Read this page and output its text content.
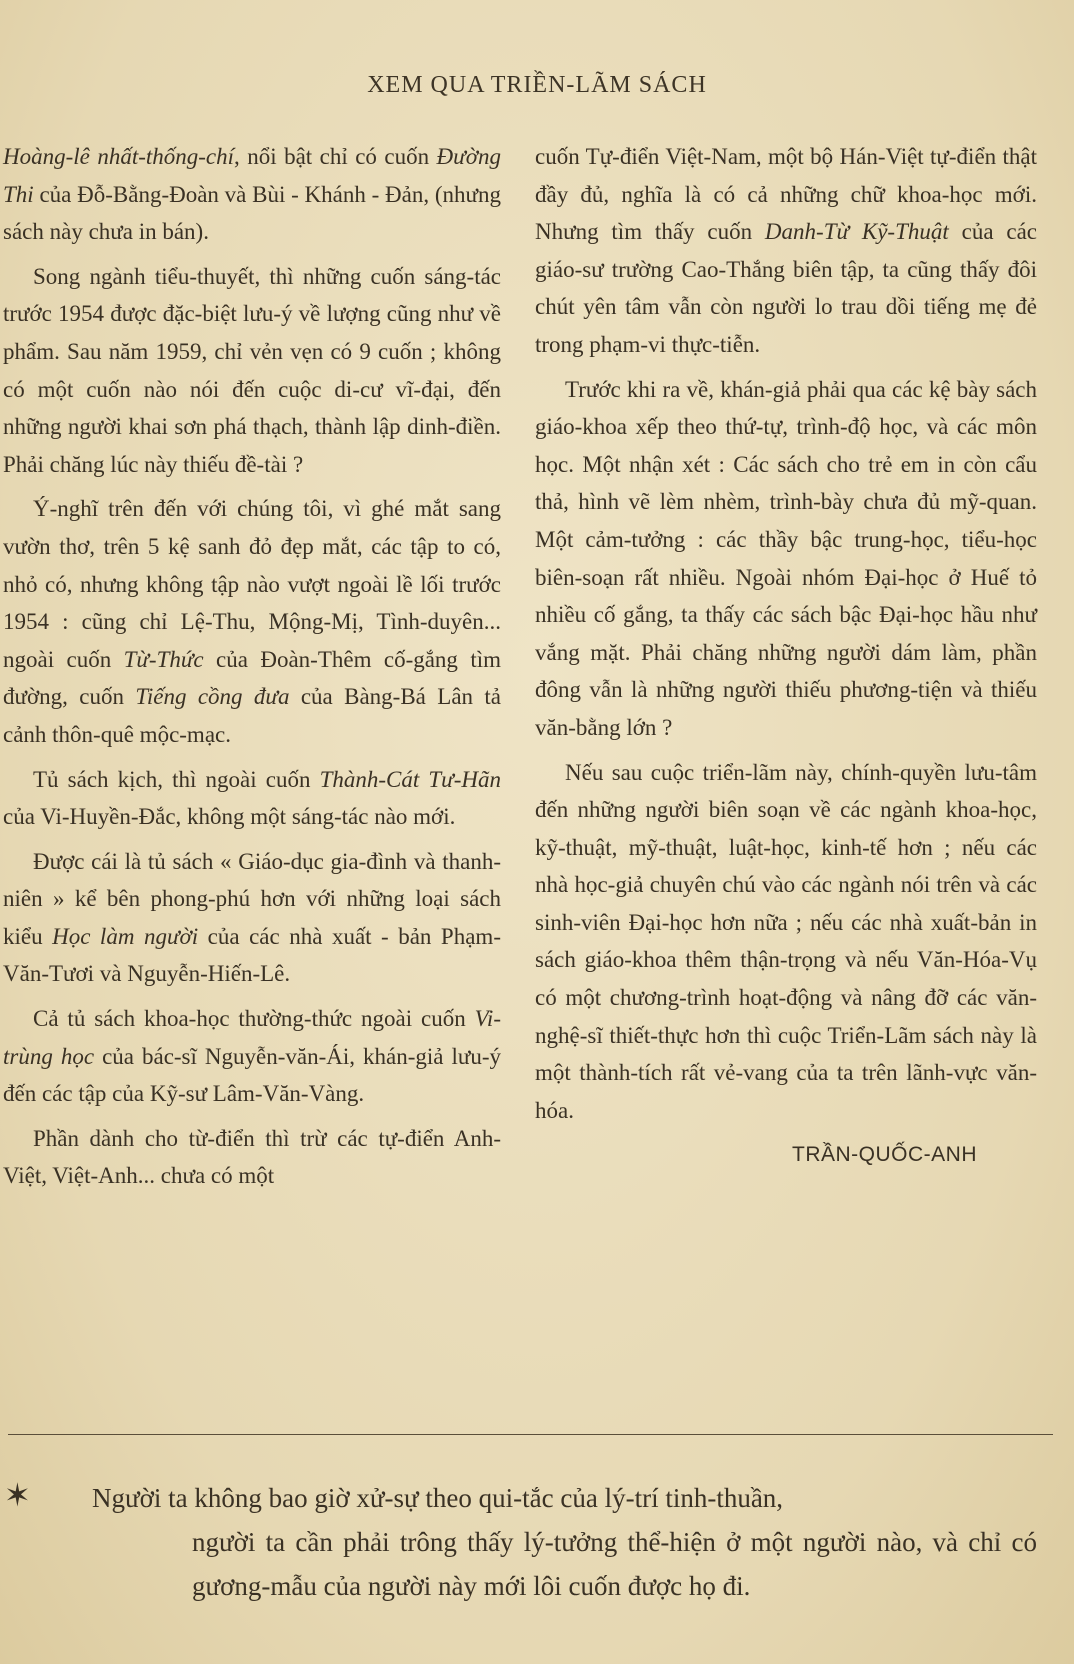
XEM QUA TRIỀN-LÃM SÁCH

Hoàng-lê nhất-thống-chí, nổi bật chỉ có cuốn Đường Thi của Đỗ-Bằng-Đoàn và Bùi - Khánh - Đản, (nhưng sách này chưa in bán).

Song ngành tiểu-thuyết, thì những cuốn sáng-tác trước 1954 được đặc-biệt lưu-ý về lượng cũng như về phẩm. Sau năm 1959, chỉ vẻn vẹn có 9 cuốn ; không có một cuốn nào nói đến cuộc di-cư vĩ-đại, đến những người khai sơn phá thạch, thành lập dinh-điền. Phải chăng lúc này thiếu đề-tài ?

Ý-nghĩ trên đến với chúng tôi, vì ghé mắt sang vườn thơ, trên 5 kệ sanh đỏ đẹp mắt, các tập to có, nhỏ có, nhưng không tập nào vượt ngoài lề lối trước 1954 : cũng chỉ Lệ-Thu, Mộng-Mị, Tình-duyên... ngoài cuốn Từ-Thức của Đoàn-Thêm cố-gắng tìm đường, cuốn Tiếng cồng đưa của Bàng-Bá Lân tả cảnh thôn-quê mộc-mạc.

Tủ sách kịch, thì ngoài cuốn Thành-Cát Tư-Hãn của Vi-Huyền-Đắc, không một sáng-tác nào mới.

Được cái là tủ sách « Giáo-dục gia-đình và thanh-niên » kể bên phong-phú hơn với những loại sách kiểu Học làm người của các nhà xuất - bản Phạm-Văn-Tươi và Nguyễn-Hiến-Lê.

Cả tủ sách khoa-học thường-thức ngoài cuốn Vi-trùng học của bác-sĩ Nguyễn-văn-Ái, khán-giả lưu-ý đến các tập của Kỹ-sư Lâm-Văn-Vàng.

Phần dành cho từ-điển thì trừ các tự-điển Anh-Việt, Việt-Anh... chưa có một

cuốn Tự-điển Việt-Nam, một bộ Hán-Việt tự-điển thật đầy đủ, nghĩa là có cả những chữ khoa-học mới. Nhưng tìm thấy cuốn Danh-Từ Kỹ-Thuật của các giáo-sư trường Cao-Thắng biên tập, ta cũng thấy đôi chút yên tâm vẫn còn người lo trau dồi tiếng mẹ đẻ trong phạm-vi thực-tiễn.

Trước khi ra về, khán-giả phải qua các kệ bày sách giáo-khoa xếp theo thứ-tự, trình-độ học, và các môn học. Một nhận xét : Các sách cho trẻ em in còn cẩu thả, hình vẽ lèm nhèm, trình-bày chưa đủ mỹ-quan. Một cảm-tưởng : các thầy bậc trung-học, tiểu-học biên-soạn rất nhiều. Ngoài nhóm Đại-học ở Huế tỏ nhiều cố gắng, ta thấy các sách bậc Đại-học hầu như vắng mặt. Phải chăng những người dám làm, phần đông vẫn là những người thiếu phương-tiện và thiếu văn-bằng lớn ?

Nếu sau cuộc triển-lãm này, chính-quyền lưu-tâm đến những người biên soạn về các ngành khoa-học, kỹ-thuật, mỹ-thuật, luật-học, kinh-tế hơn ; nếu các nhà học-giả chuyên chú vào các ngành nói trên và các sinh-viên Đại-học hơn nữa ; nếu các nhà xuất-bản in sách giáo-khoa thêm thận-trọng và nếu Văn-Hóa-Vụ có một chương-trình hoạt-động và nâng đỡ các văn-nghệ-sĩ thiết-thực hơn thì cuộc Triển-Lãm sách này là một thành-tích rất vẻ-vang của ta trên lãnh-vực văn-hóa.

TRẦN-QUỐC-ANH
✶ Người ta không bao giờ xử-sự theo qui-tắc của lý-trí tinh-thuần,
người ta cần phải trông thấy lý-tưởng thể-hiện ở một người nào, và chỉ có gương-mẫu của người này mới lôi cuốn được họ đi.
